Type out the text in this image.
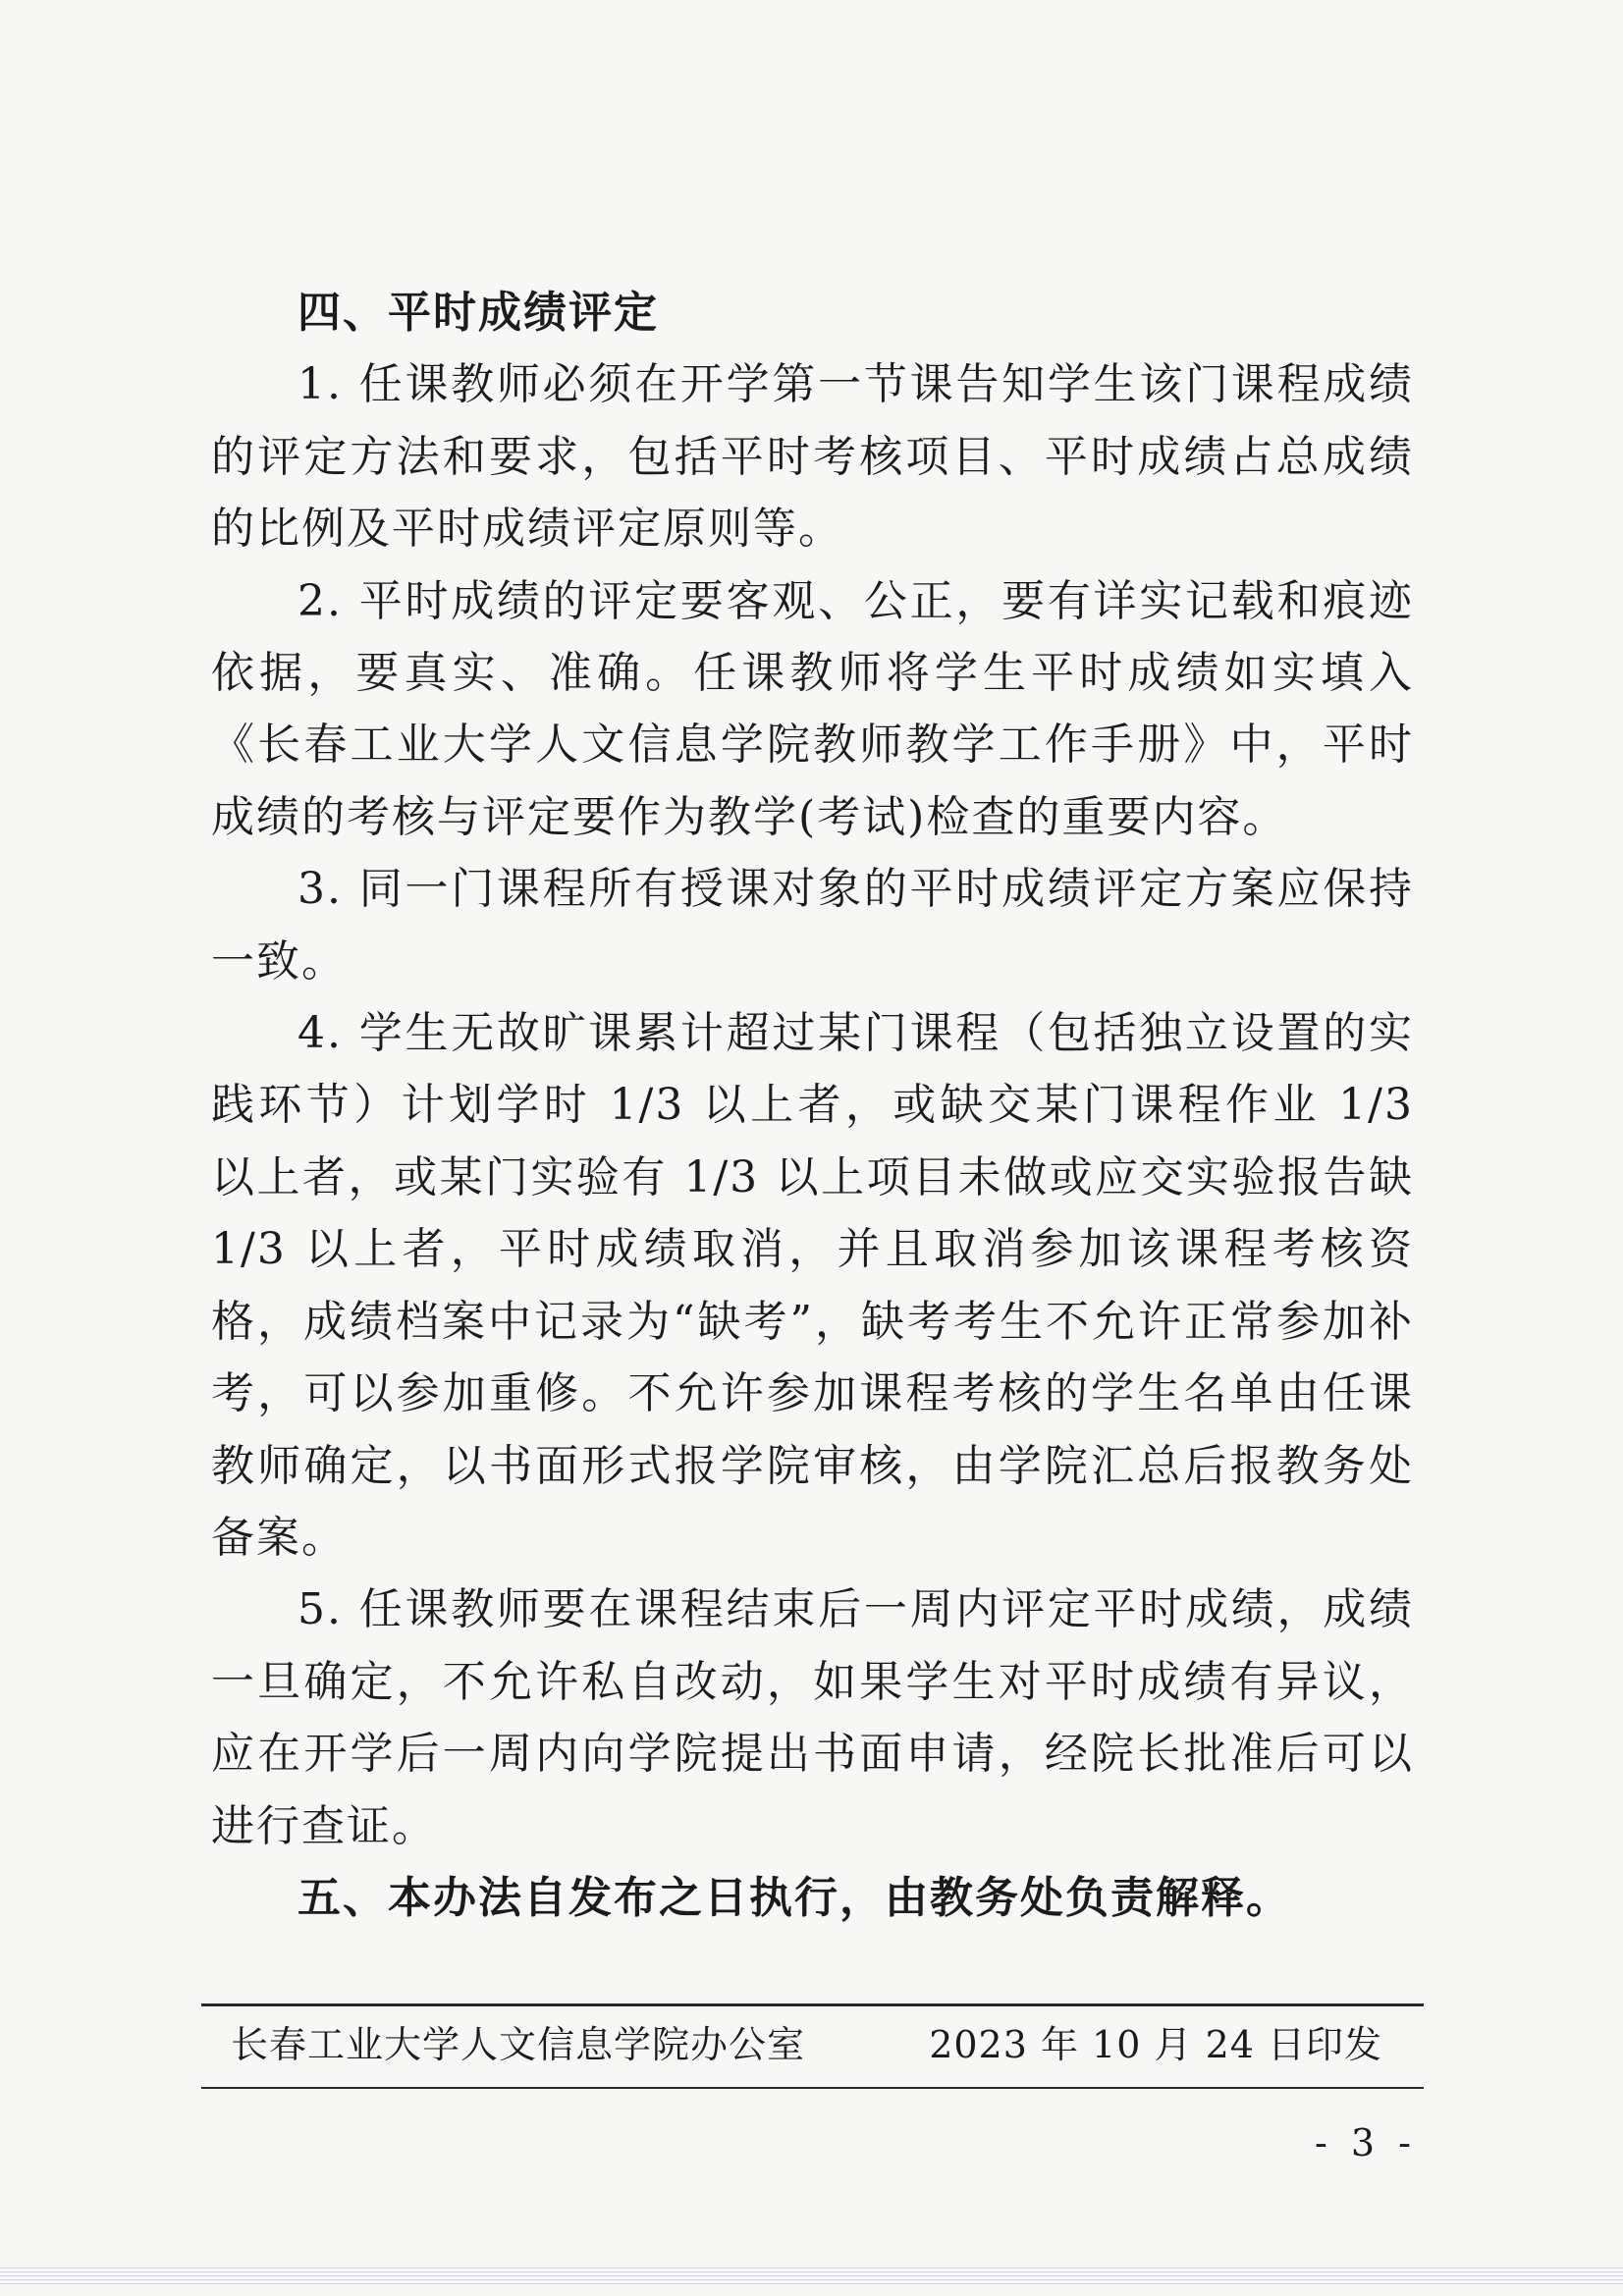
四、平时成绩评定

1. 任课教师必须在开学第一节课告知学生该门课程成绩的评定方法和要求，包括平时考核项目、平时成绩占总成绩的比例及平时成绩评定原则等。

2. 平时成绩的评定要客观、公正，要有详实记载和痕迹依据，要真实、准确。任课教师将学生平时成绩如实填入《长春工业大学人文信息学院教师教学工作手册》中，平时成绩的考核与评定要作为教学(考试)检查的重要内容。

3. 同一门课程所有授课对象的平时成绩评定方案应保持一致。

4. 学生无故旷课累计超过某门课程（包括独立设置的实践环节）计划学时 1/3 以上者，或缺交某门课程作业 1/3 以上者，或某门实验有 1/3 以上项目未做或应交实验报告缺 1/3 以上者，平时成绩取消，并且取消参加该课程考核资格，成绩档案中记录为“缺考”，缺考考生不允许正常参加补考，可以参加重修。不允许参加课程考核的学生名单由任课教师确定，以书面形式报学院审核，由学院汇总后报教务处备案。

5. 任课教师要在课程结束后一周内评定平时成绩，成绩一旦确定，不允许私自改动，如果学生对平时成绩有异议，应在开学后一周内向学院提出书面申请，经院长批准后可以进行查证。

五、本办法自发布之日执行，由教务处负责解释。
长春工业大学人文信息学院办公室	2023 年 10 月 24 日印发
- 3 -
